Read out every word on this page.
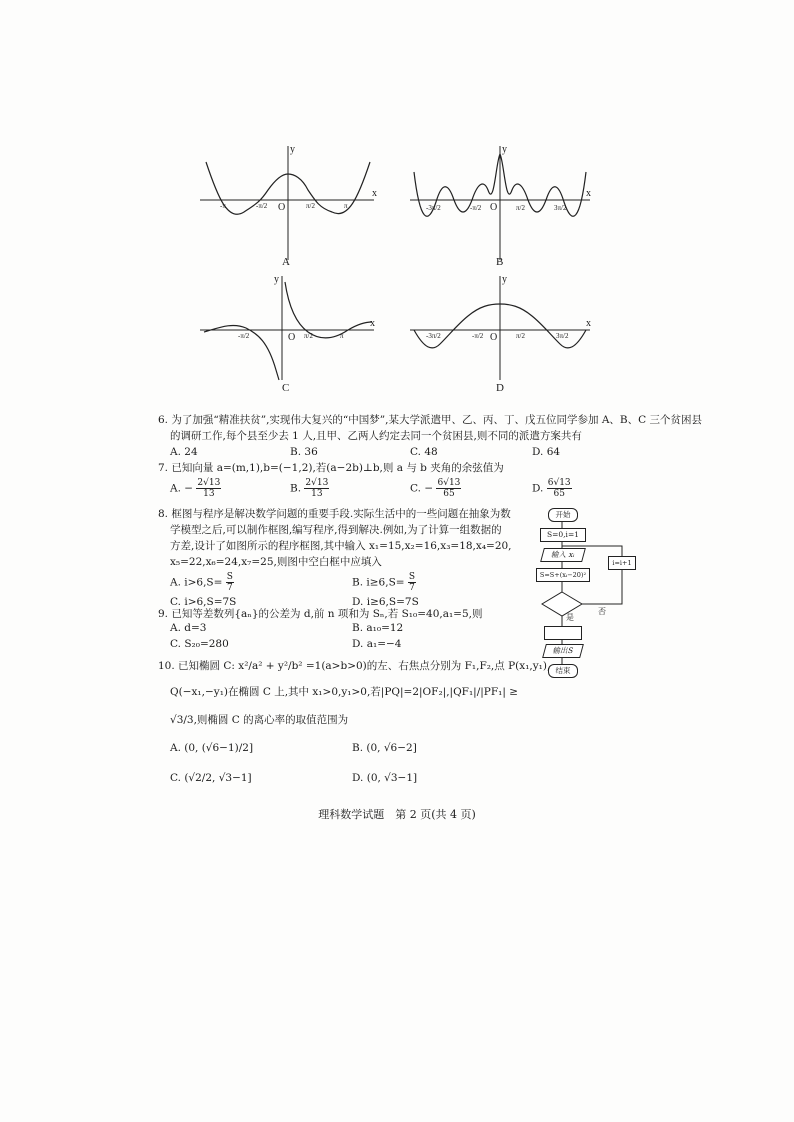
x
y
O
-π	-π/2	π/2	π
A
x
y
O
-3π/2	-π/2	π/2	3π/2
B
x
y
O
-π/2	π/2	π
C
x
y
O
-3π/2	-π/2	π/2	3π/2
D
6. 为了加强“精准扶贫”,实现伟大复兴的“中国梦”,某大学派遣甲、乙、丙、丁、戊五位同学参加 A、B、C 三个贫困县
的调研工作,每个县至少去 1 人,且甲、乙两人约定去同一个贫困县,则不同的派遣方案共有
A. 24	B. 36	C. 48	D. 64
7. 已知向量 a=(m,1),b=(−1,2),若(a−2b)⊥b,则 a 与 b 夹角的余弦值为
A. − $\frac{2√13}{13}$	B. $\frac{2√13}{13}$	C. − $\frac{6√13}{65}$	D. $\frac{6√13}{65}$
8. 框图与程序是解决数学问题的重要手段.实际生活中的一些问题在抽象为数
学模型之后,可以制作框图,编写程序,得到解决.例如,为了计算一组数据的
方差,设计了如图所示的程序框图,其中输入 x₁=15,x₂=16,x₃=18,x₄=20,
x₅=22,x₆=24,x₇=25,则图中空白框中应填入
A. $i>6,S= \frac{S}{7}$	B. $i\ge 6,S= \frac{S}{7}$
C. i>6,S=7S	D. i≥6,S=7S
开始
S=0,i=1
输入 xᵢ
S=S+(xᵢ−20)²
i=i+1
否
是
输出S
结束
9. 已知等差数列{aₙ}的公差为 d,前 n 项和为 Sₙ,若 S₁₀=40,a₁=5,则
A. d=3	B. a₁₀=12
C. S₂₀=280	D. a₁=−4
10. 已知椭圆 C: x²/a² + y²/b² =1(a>b>0)的左、右焦点分别为 F₁,F₂,点 P(x₁,y₁),
Q(−x₁,−y₁)在椭圆 C 上,其中 x₁>0,y₁>0,若|PQ|=2|OF₂|,|QF₁|/|PF₁| ≥
√3/3,则椭圆 C 的离心率的取值范围为
A. (0, (√6−1)/2]	B. (0, √6−2]
C. (√2/2, √3−1]	D. (0, √3−1]
理科数学试题　第 2 页(共 4 页)
